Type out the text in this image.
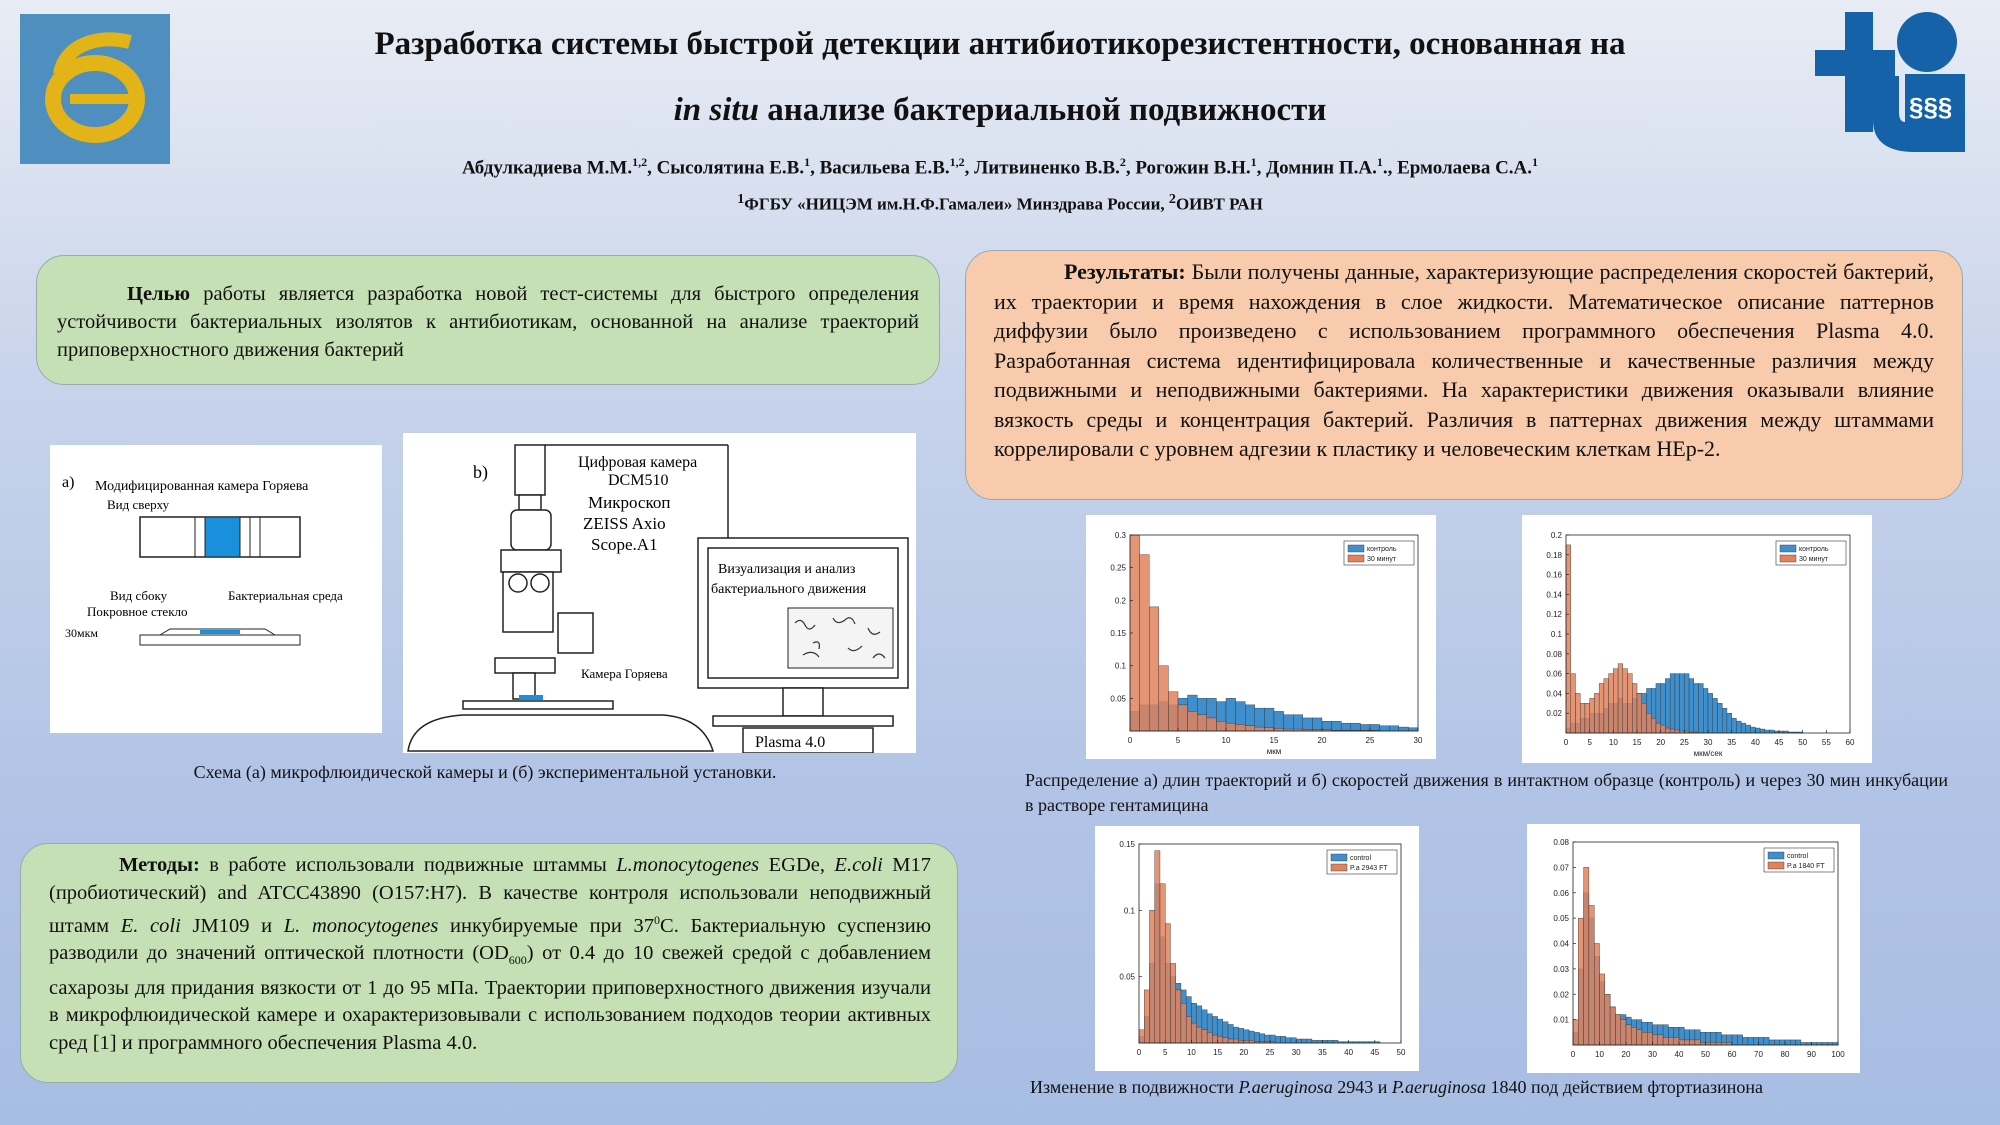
§§§
Разработка системы быстрой детекции антибиотикорезистентности, основанная на
in situ анализе бактериальной подвижности
Абдулкадиева М.М.$^{1,2}$, Сысолятина Е.В.$^1$, Васильева Е.В.$^{1,2}$, Литвиненко В.В.$^2$, Рогожин В.Н.$^1$, Домнин П.А.$^1$., Ермолаева С.А.$^1$
$^1$ФГБУ «НИЦЭМ им.Н.Ф.Гамалеи» Минздрава России, $^2$ОИВТ РАН
Целью работы является разработка новой тест-системы для быстрого определения устойчивости бактериальных изолятов к антибиотикам, основанной на анализе траекторий приповерхностного движения бактерий
Результаты: Были получены данные, характеризующие распределения скоростей бактерий, их траектории и время нахождения в слое жидкости. Математическое описание паттернов диффузии было произведено с использованием программного обеспечения Plasma 4.0. Разработанная система идентифицировала количественные и качественные различия между подвижными и неподвижными бактериями. На характеристики движения оказывали влияние вязкость среды и концентрация бактерий. Различия в паттернах движения между штаммами коррелировали с уровнем адгезии к пластику и человеческим клеткам HEp-2.
a) Модифицированная камера Горяева
Вид сверху
Вид сбоку	Бактериальная среда
Покровное стекло
30мкм
b)	Цифровая камера
DCM510
Микроскоп
ZEISS Axio
Scope.A1
Камера Горяева
Визуализация и анализ
бактериального движения
Plasma 4.0
Схема (а) микрофлюидической камеры и (б) экспериментальной установки.
Методы: в работе использовали подвижные штаммы L.monocytogenes EGDe, E.coli M17 (пробиотический) and ATCC43890 (O157:H7). В качестве контроля использовали неподвижный штамм E. coli JM109 и L. monocytogenes инкубируемые при $37^0С$. Бактериальную суспензию разводили до значений оптической плотности $(OD_{600})$ от 0.4 до 10 свежей средой с добавлением сахарозы для придания вязкости от 1 до 95 мПа. Траектории приповерхностного движения изучали в микрофлюидической камере и охарактеризовывали с использованием подходов теории активных сред [1] и программного обеспечения Plasma 4.0.
0	5	10	15	20	25	30
0.05
0.1
0.15
0.2
0.25
0.3
мкм
контроль
30 минут
0 5 10 15 20 25 30 35 40 45 50 55 60
0.02
0.04
0.06
0.08
0.1
0.12
0.14
0.16
0.18
0.2
мкм/сек
контроль
30 минут
Распределение а) длин траекторий и б) скоростей движения в интактном образце (контроль) и через 30 мин инкубации в растворе гентамицина
0	5 10 15 20 25 30 35 40 45 50
0.05
0.1
0.15
control
P.a 2943 FT
0 10 20 30 40 50 60 70 80 90 100
0.01
0.02
0.03
0.04
0.05
0.06
0.07
0.08
control
P.a 1840 FT
Изменение в подвижности P.aeruginosa 2943 и P.aeruginosa 1840 под действием фтортиазинона
